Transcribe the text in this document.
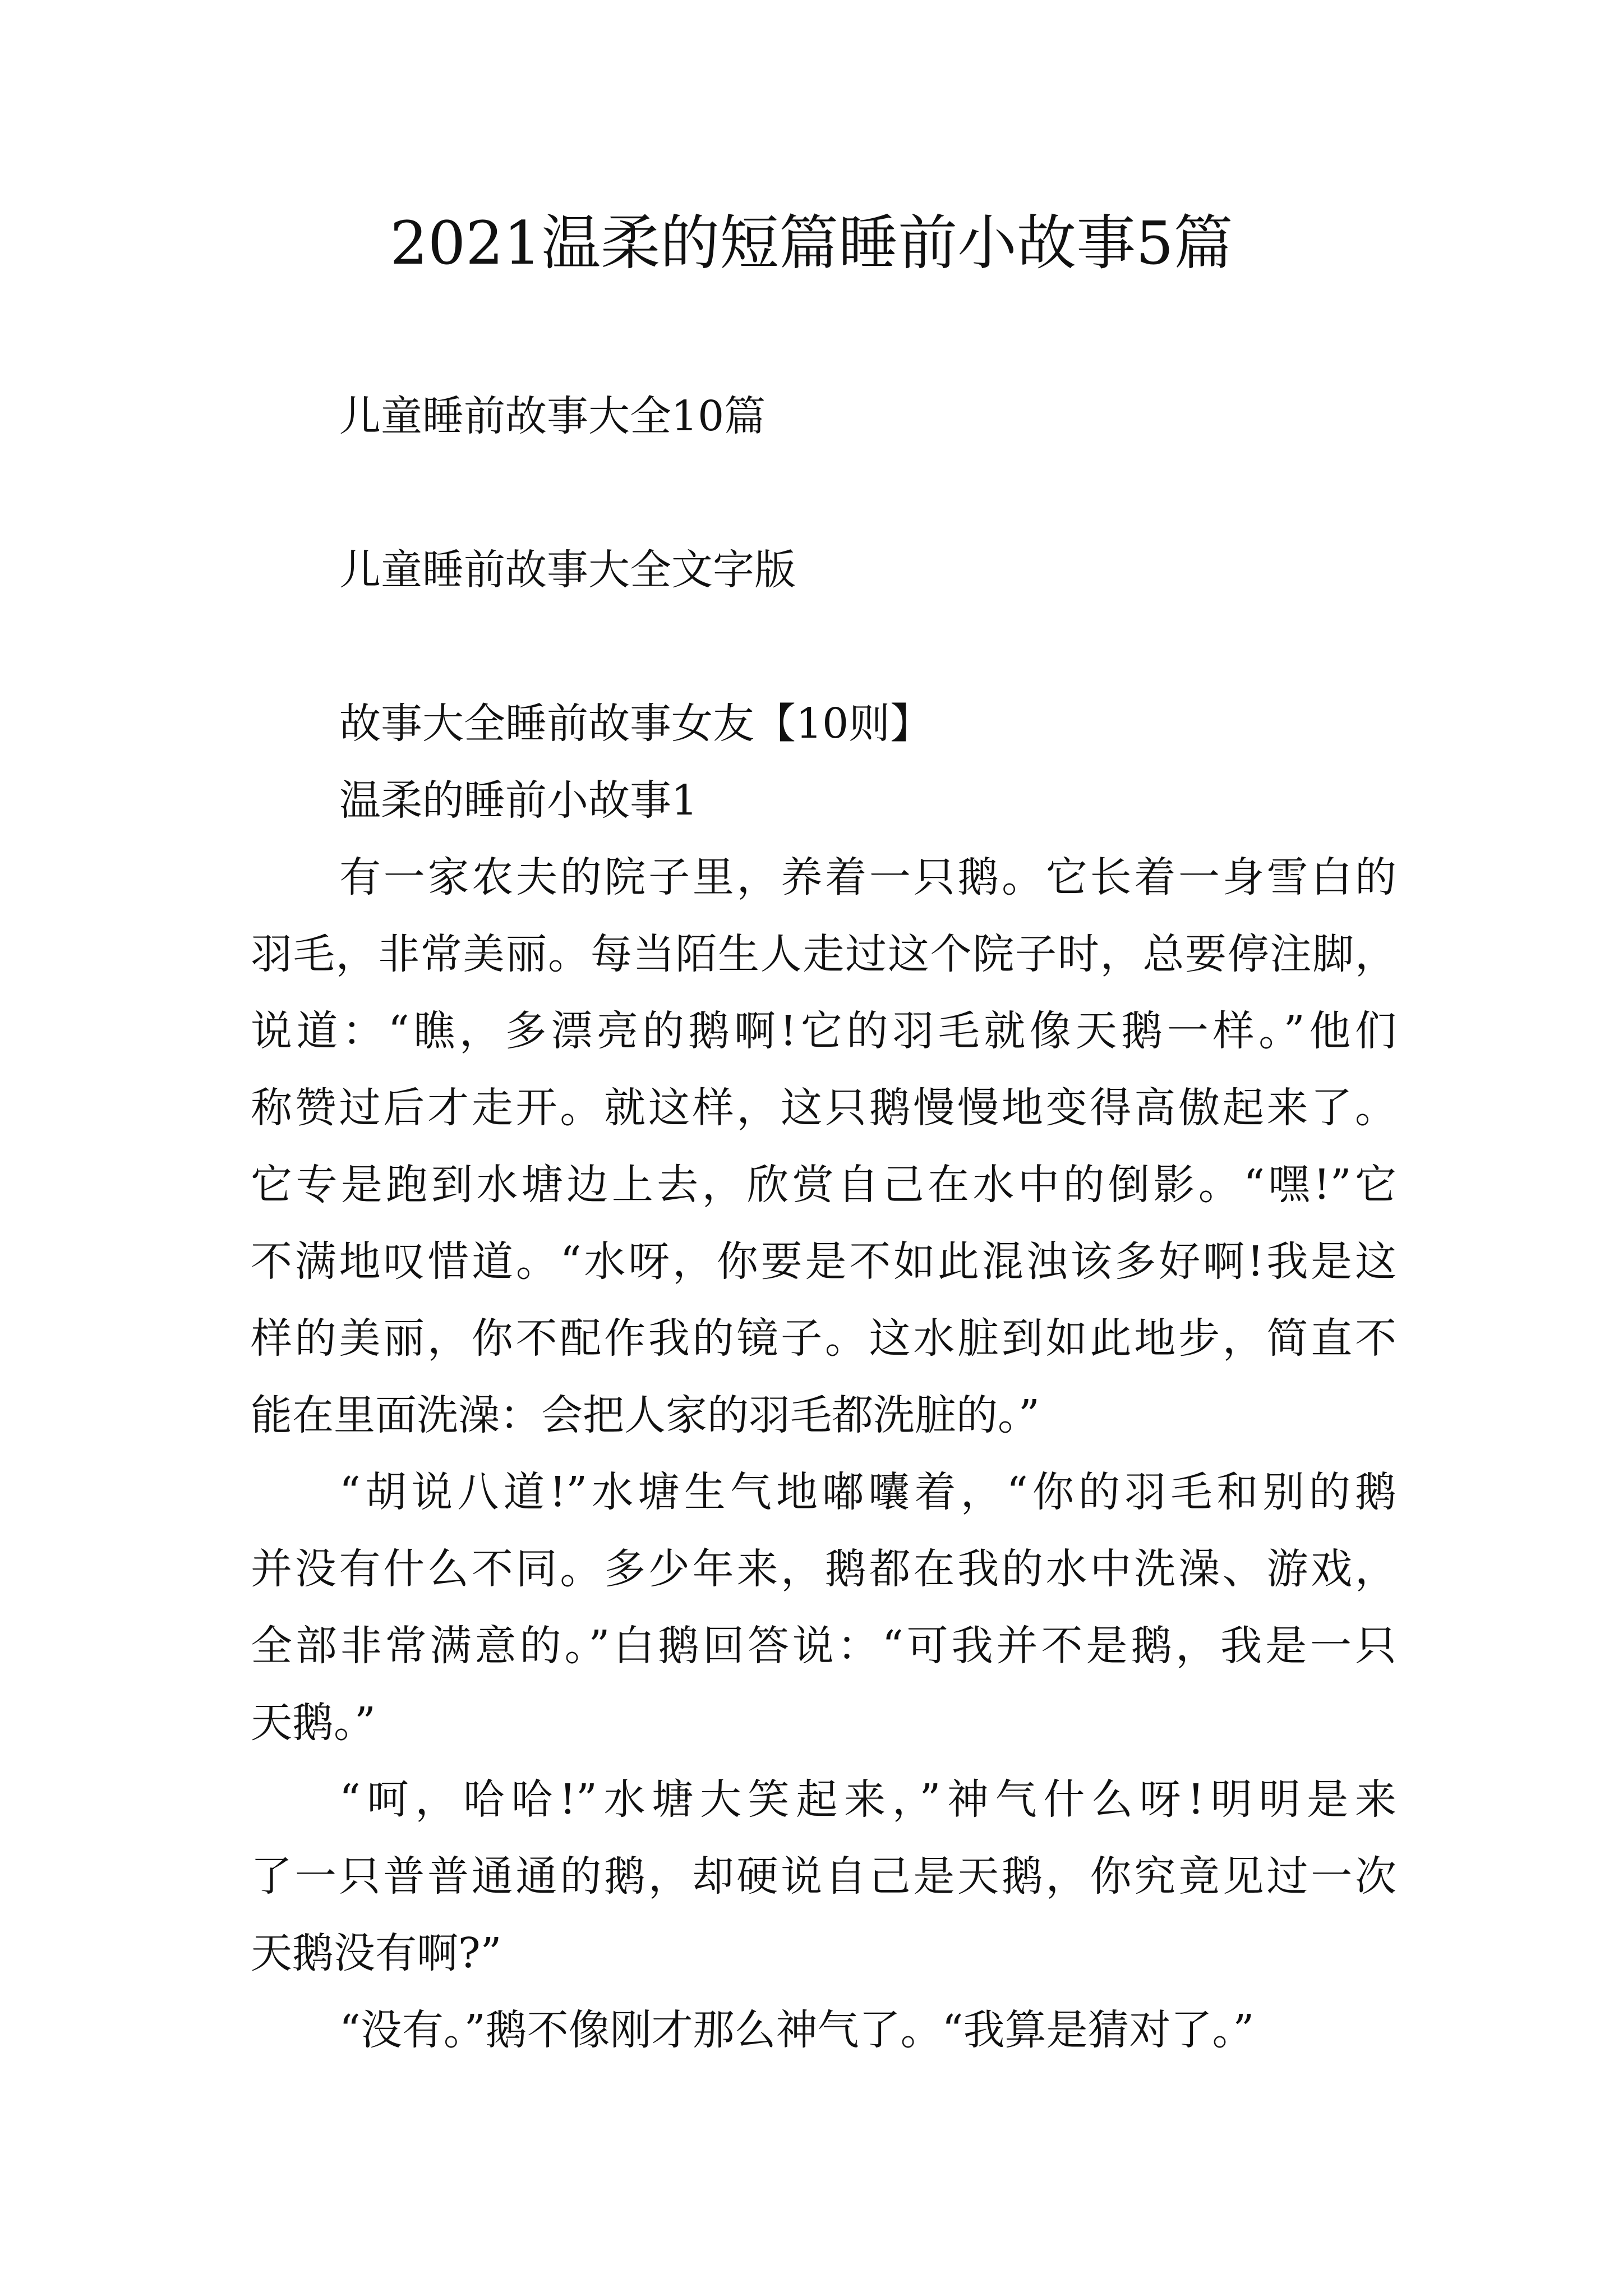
2021温柔的短篇睡前小故事5篇
儿童睡前故事大全10篇
儿童睡前故事大全文字版
故事大全睡前故事女友【10则】
温柔的睡前小故事1
有一家农夫的院子里，养着一只鹅。它长着一身雪白的
羽毛，非常美丽。每当陌生人走过这个院子时，总要停注脚，
说道：“瞧，多漂亮的鹅啊!它的羽毛就像天鹅一样。”他们
称赞过后才走开。就这样，这只鹅慢慢地变得高傲起来了。
它专是跑到水塘边上去，欣赏自己在水中的倒影。“嘿!”它
不满地叹惜道。“水呀，你要是不如此混浊该多好啊!我是这
样的美丽，你不配作我的镜子。这水脏到如此地步，简直不
能在里面洗澡：会把人家的羽毛都洗脏的。”
“胡说八道!”水塘生气地嘟囔着，“你的羽毛和别的鹅
并没有什么不同。多少年来，鹅都在我的水中洗澡、游戏，
全部非常满意的。”白鹅回答说：“可我并不是鹅，我是一只
天鹅。”
“呵，哈哈!”水塘大笑起来，”神气什么呀!明明是来
了一只普普通通的鹅，却硬说自己是天鹅，你究竟见过一次
天鹅没有啊?”
“没有。”鹅不像刚才那么神气了。“我算是猜对了。”
